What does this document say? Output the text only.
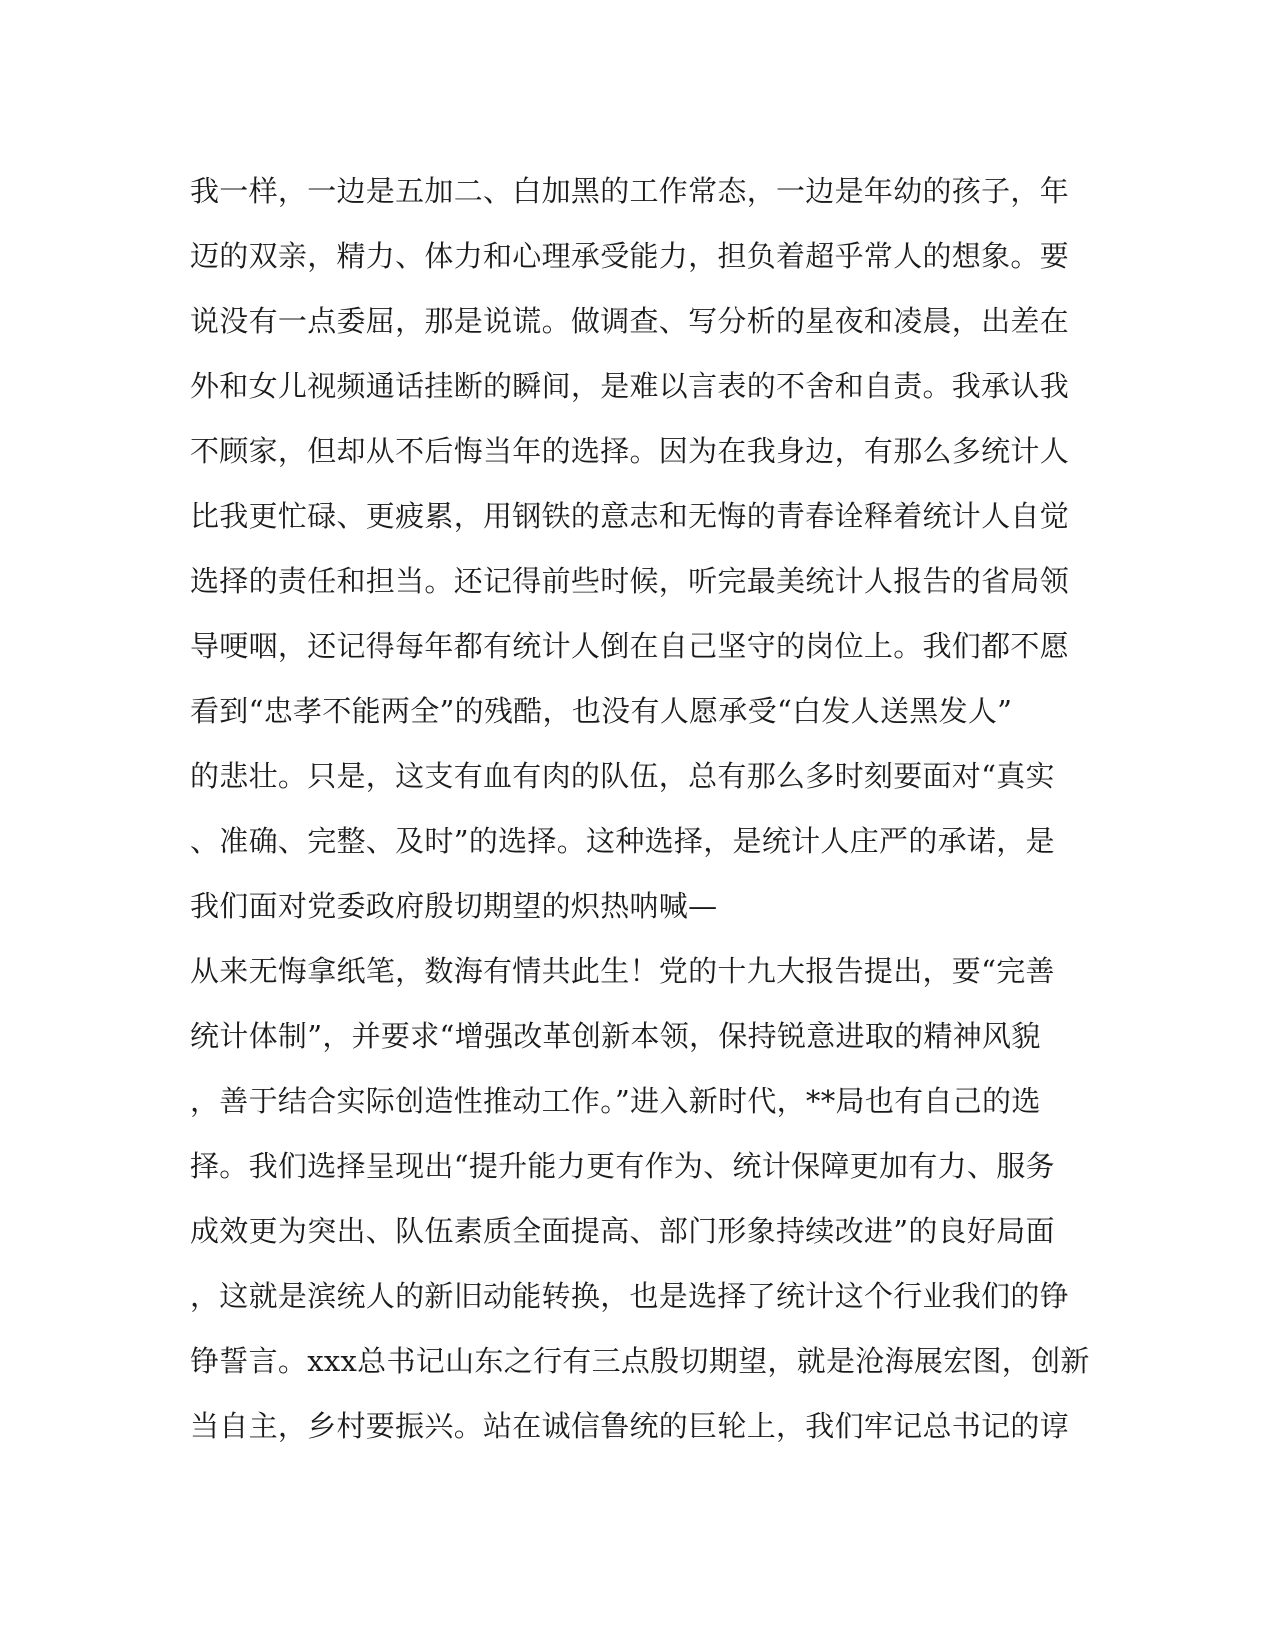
我一样，一边是五加二、白加黑的工作常态，一边是年幼的孩子，年
迈的双亲，精力、体力和心理承受能力，担负着超乎常人的想象。要
说没有一点委屈，那是说谎。做调查、写分析的星夜和凌晨，出差在
外和女儿视频通话挂断的瞬间，是难以言表的不舍和自责。我承认我
不顾家，但却从不后悔当年的选择。因为在我身边，有那么多统计人
比我更忙碌、更疲累，用钢铁的意志和无悔的青春诠释着统计人自觉
选择的责任和担当。还记得前些时候，听完最美统计人报告的省局领
导哽咽，还记得每年都有统计人倒在自己坚守的岗位上。我们都不愿
看到“忠孝不能两全”的残酷，也没有人愿承受“白发人送黑发人”
的悲壮。只是，这支有血有肉的队伍，总有那么多时刻要面对“真实
、准确、完整、及时”的选择。这种选择，是统计人庄严的承诺，是
我们面对党委政府殷切期望的炽热呐喊—
从来无悔拿纸笔，数海有情共此生！党的十九大报告提出，要“完善
统计体制”，并要求“增强改革创新本领，保持锐意进取的精神风貌
，善于结合实际创造性推动工作。”进入新时代，**局也有自己的选
择。我们选择呈现出“提升能力更有作为、统计保障更加有力、服务
成效更为突出、队伍素质全面提高、部门形象持续改进”的良好局面
，这就是滨统人的新旧动能转换，也是选择了统计这个行业我们的铮
铮誓言。xxx总书记山东之行有三点殷切期望，就是沧海展宏图，创新
当自主，乡村要振兴。站在诚信鲁统的巨轮上，我们牢记总书记的谆
